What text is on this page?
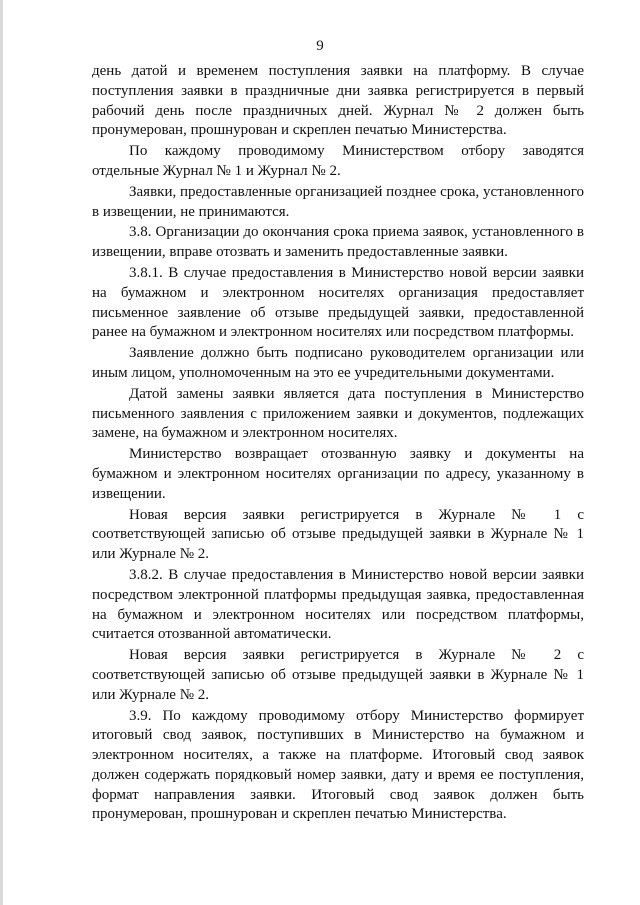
9

день датой и временем поступления заявки на платформу. В случае поступления заявки в праздничные дни заявка регистрируется в первый рабочий день после праздничных дней. Журнал № 2 должен быть пронумерован, прошнурован и скреплен печатью Министерства.

По каждому проводимому Министерством отбору заводятся отдельные Журнал № 1 и Журнал № 2.

Заявки, предоставленные организацией позднее срока, установленного в извещении, не принимаются.

3.8. Организации до окончания срока приема заявок, установленного в извещении, вправе отозвать и заменить предоставленные заявки.

3.8.1. В случае предоставления в Министерство новой версии заявки на бумажном и электронном носителях организация предоставляет письменное заявление об отзыве предыдущей заявки, предоставленной ранее на бумажном и электронном носителях или посредством платформы.

Заявление должно быть подписано руководителем организации или иным лицом, уполномоченным на это ее учредительными документами.

Датой замены заявки является дата поступления в Министерство письменного заявления с приложением заявки и документов, подлежащих замене, на бумажном и электронном носителях.

Министерство возвращает отозванную заявку и документы на бумажном и электронном носителях организации по адресу, указанному в извещении.

Новая версия заявки регистрируется в Журнале № 1 с соответствующей записью об отзыве предыдущей заявки в Журнале № 1 или Журнале № 2.

3.8.2. В случае предоставления в Министерство новой версии заявки посредством электронной платформы предыдущая заявка, предоставленная на бумажном и электронном носителях или посредством платформы, считается отозванной автоматически.

Новая версия заявки регистрируется в Журнале № 2 с соответствующей записью об отзыве предыдущей заявки в Журнале № 1 или Журнале № 2.

3.9. По каждому проводимому отбору Министерство формирует итоговый свод заявок, поступивших в Министерство на бумажном и электронном носителях, а также на платформе. Итоговый свод заявок должен содержать порядковый номер заявки, дату и время ее поступления, формат направления заявки. Итоговый свод заявок должен быть пронумерован, прошнурован и скреплен печатью Министерства.
